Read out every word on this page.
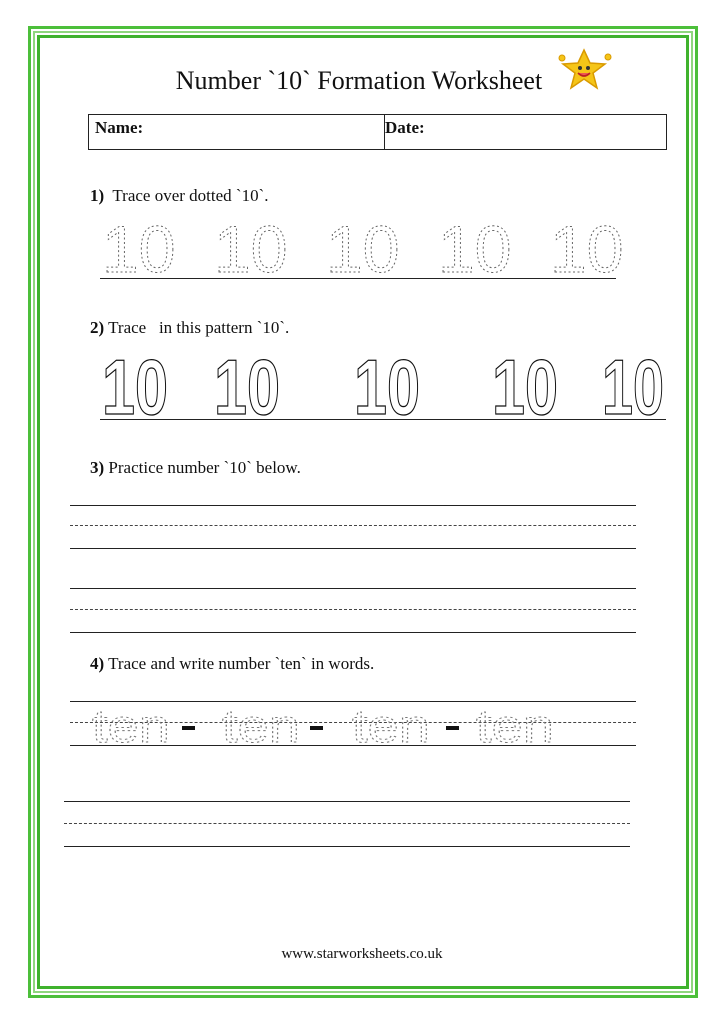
Number `10` Formation Worksheet
Name:	Date:
1) Trace over dotted `10`.
10 10 10 10 10
2) Trace   in this pattern `10`.
10 10 10 10 10
3) Practice number `10` below.
4) Trace and write number `ten` in words.
ten ten ten ten
www.starworksheets.co.uk
